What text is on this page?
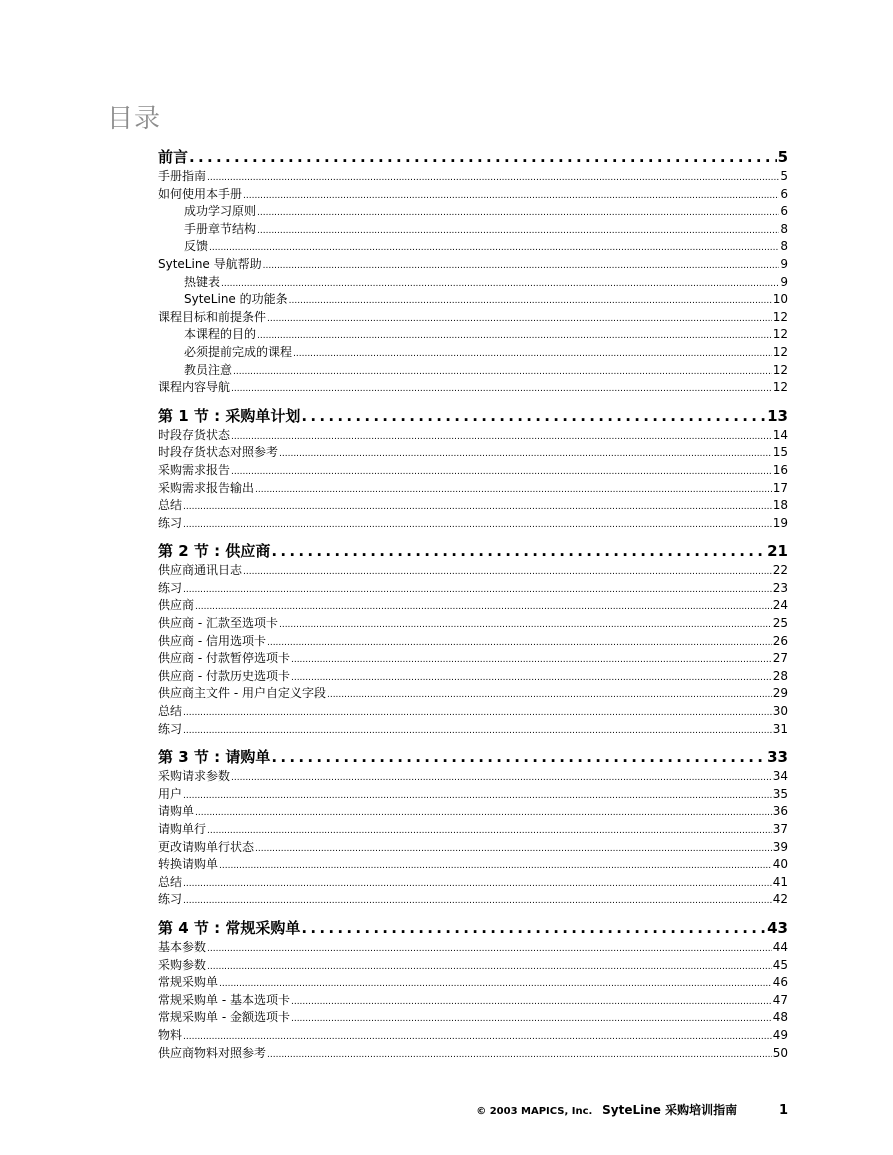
目录
前言 .....	5
手册指南 .....	5
如何使用本手册 .....	6
成功学习原则 .....	6
手册章节结构 .....	8
反馈 .....	8
SyteLine 导航帮助 .....	9
热键表 .....	9
SyteLine 的功能条 .....	10
课程目标和前提条件 .....	12
本课程的目的 .....	12
必须提前完成的课程 .....	12
教员注意 .....	12
课程内容导航 .....	12
第 1 节 : 采购单计划 .....	13
时段存货状态 .....	14
时段存货状态对照参考 .....	15
采购需求报告 .....	16
采购需求报告输出 .....	17
总结 .....	18
练习 .....	19
第 2 节 : 供应商 .....	21
供应商通讯日志 .....	22
练习 .....	23
供应商 .....	24
供应商 - 汇款至选项卡 .....	25
供应商 - 信用选项卡 .....	26
供应商 - 付款暂停选项卡 .....	27
供应商 - 付款历史选项卡 .....	28
供应商主文件 - 用户自定义字段 .....	29
总结 .....	30
练习 .....	31
第 3 节 : 请购单 .....	33
采购请求参数 .....	34
用户 .....	35
请购单 .....	36
请购单行 .....	37
更改请购单行状态 .....	39
转换请购单 .....	40
总结 .....	41
练习 .....	42
第 4 节 : 常规采购单 .....	43
基本参数 .....	44
采购参数 .....	45
常规采购单 .....	46
常规采购单 - 基本选项卡 .....	47
常规采购单 - 金额选项卡 .....	48
物料 .....	49
供应商物料对照参考 .....	50
© 2003 MAPICS, Inc. SyteLine 采购培训指南	1
